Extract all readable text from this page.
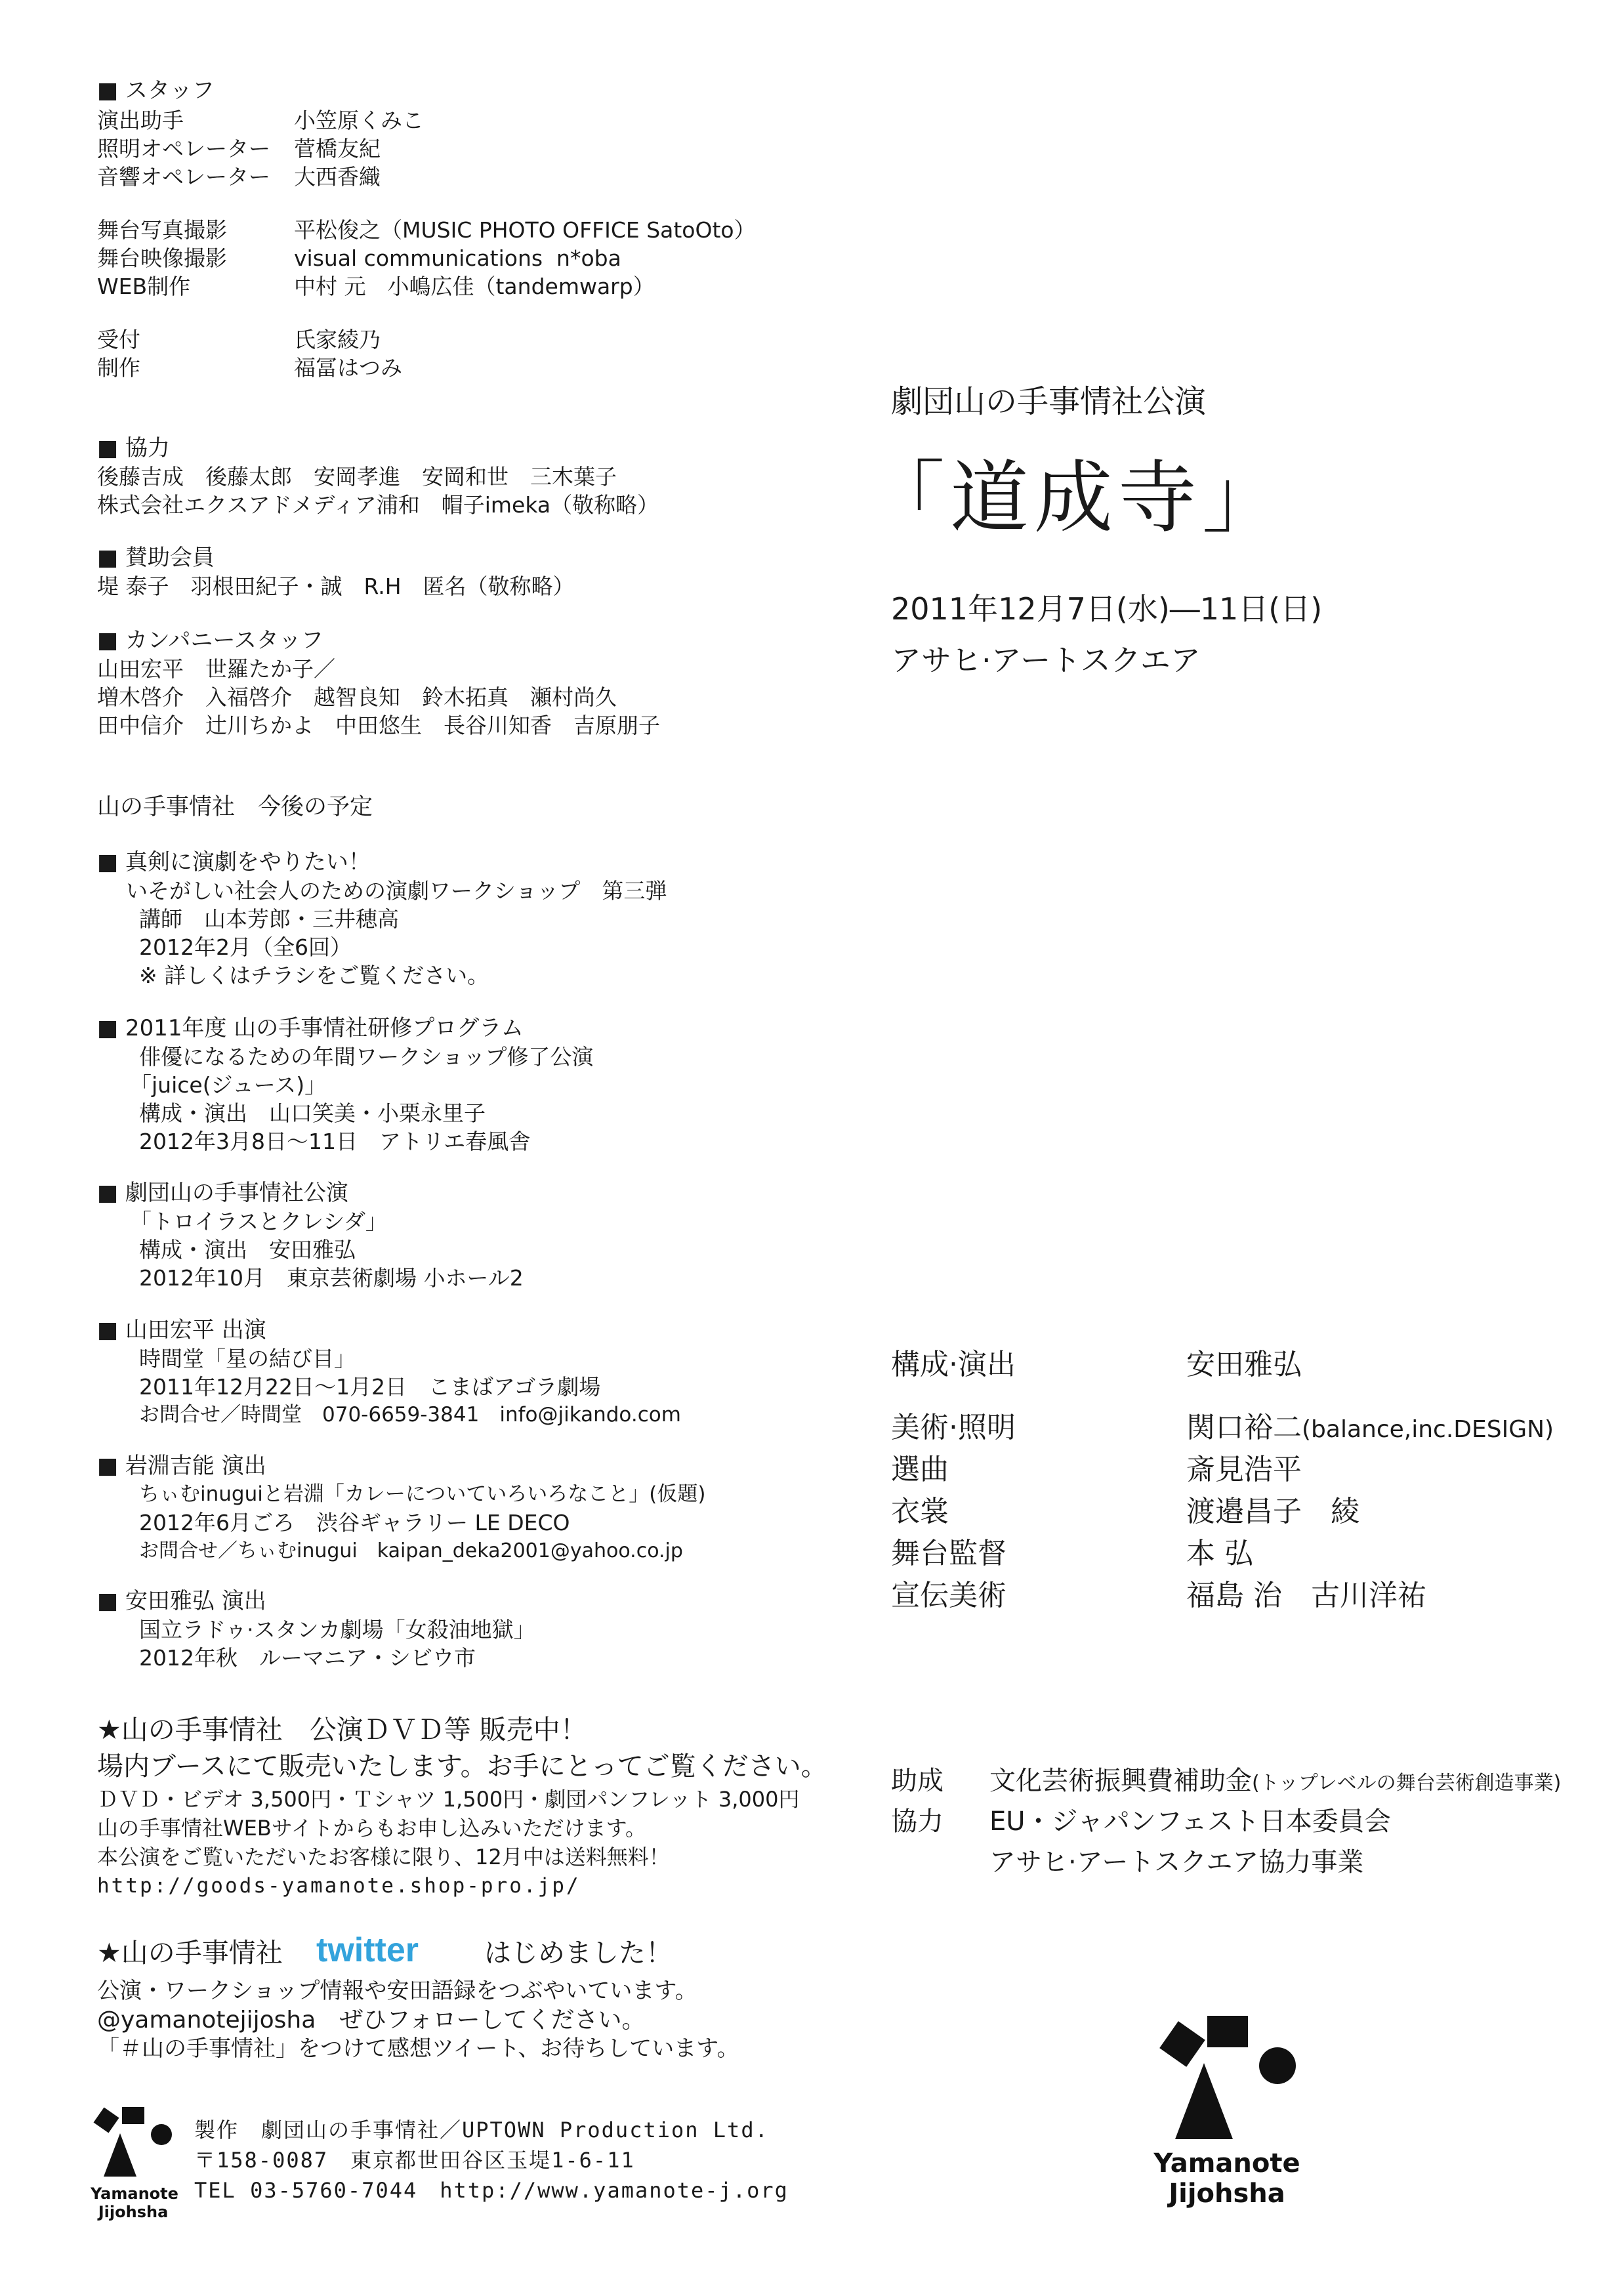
■ スタッフ
演出助手	小笠原くみこ
照明オペレーター 菅橋友紀
音響オペレーター 大西香織
舞台写真撮影	平松俊之（MUSIC PHOTO OFFICE SatoOto）
舞台映像撮影	visual communications  n*oba
WEB制作	中村 元　小嶋広佳（tandemwarp）
受付	氏家綾乃
制作	福冨はつみ
■ 協力
後藤吉成　後藤太郎　安岡孝進　安岡和世　三木葉子
株式会社エクスアドメディア浦和　帽子imeka（敬称略）
■ 賛助会員
堤 泰子　羽根田紀子・誠　R.H　匿名（敬称略）
■ カンパニースタッフ
山田宏平　世羅たか子／
増木啓介　入福啓介　越智良知　鈴木拓真　瀬村尚久
田中信介　辻川ちかよ　中田悠生　長谷川知香　吉原朋子
山の手事情社　今後の予定
■ 真剣に演劇をやりたい！
いそがしい社会人のための演劇ワークショップ　第三弾
講師　山本芳郎・三井穂高
2012年2月（全6回）
※ 詳しくはチラシをご覧ください。
■ 2011年度 山の手事情社研修プログラム
俳優になるための年間ワークショップ修了公演
「juice(ジュース)」
構成・演出　山口笑美・小栗永里子
2012年3月8日〜11日　アトリエ春風舎
■ 劇団山の手事情社公演
「トロイラスとクレシダ」
構成・演出　安田雅弘
2012年10月　東京芸術劇場 小ホール2
■ 山田宏平 出演
時間堂「星の結び目」
2011年12月22日〜1月2日　こまばアゴラ劇場
お問合せ／時間堂　070-6659-3841　info@jikando.com
■ 岩淵吉能 演出
ちぃむinuguiと岩淵「カレーについていろいろなこと」(仮題)
2012年6月ごろ　渋谷ギャラリー LE DECO
お問合せ／ちぃむinugui　kaipan_deka2001@yahoo.co.jp
■ 安田雅弘 演出
国立ラドゥ·スタンカ劇場「女殺油地獄」
2012年秋　ルーマニア・シビウ市
★山の手事情社　公演ＤＶＤ等 販売中！
場内ブースにて販売いたします。お手にとってご覧ください。
ＤＶＤ・ビデオ 3,500円・Ｔシャツ 1,500円・劇団パンフレット 3,000円
山の手事情社WEBサイトからもお申し込みいただけます。
本公演をご覧いただいたお客様に限り、12月中は送料無料！
http://goods-yamanote.shop-pro.jp/
★山の手事情社 twitter はじめました！
公演・ワークショップ情報や安田語録をつぶやいています。
@yamanotejijosha　ぜひフォローしてください。
「＃山の手事情社」をつけて感想ツイート、お待ちしています。
Yamanote
Jijohsha
製作　劇団山の手事情社／UPTOWN Production Ltd.
〒158-0087　東京都世田谷区玉堤1-6-11
TEL 03-5760-7044　http://www.yamanote-j.org
劇団山の手事情社公演
「道成寺」
2011年12月7日(水)―11日(日)
アサヒ·アートスクエア
構成·演出	安田雅弘
美術·照明	関口裕二(balance,inc.DESIGN)
選曲	斎見浩平
衣裳	渡邉昌子　綾
舞台監督	本 弘
宣伝美術	福島 治　古川洋祐
助成 文化芸術振興費補助金(トップレベルの舞台芸術創造事業)
協力 EU・ジャパンフェスト日本委員会
アサヒ·アートスクエア協力事業
Yamanote
Jijohsha
